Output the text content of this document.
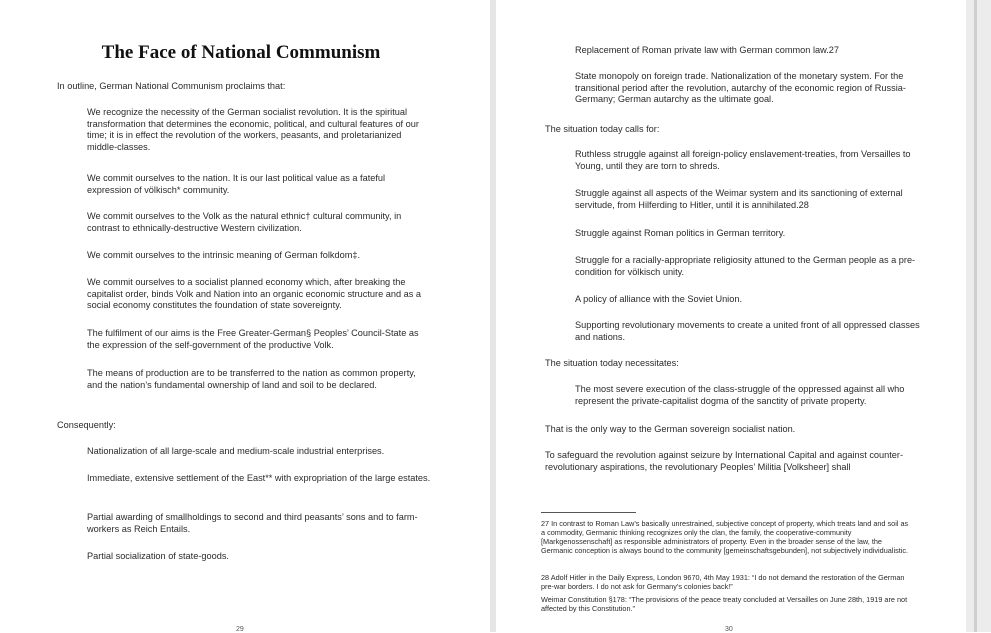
The Face of National Communism

In outline, German National Communism proclaims that:

We recognize the necessity of the German socialist revolution. It is the spiritual transformation that determines the economic, political, and cultural features of our time; it is in effect the revolution of the workers, peasants, and proletarianized middle-classes.

We commit ourselves to the nation. It is our last political value as a fateful expression of völkisch* community.

We commit ourselves to the Volk as the natural ethnic† cultural community, in contrast to ethnically-destructive Western civilization.

We commit ourselves to the intrinsic meaning of German folkdom‡.

We commit ourselves to a socialist planned economy which, after breaking the capitalist order, binds Volk and Nation into an organic economic structure and as a social economy constitutes the foundation of state sovereignty.

The fulfilment of our aims is the Free Greater-German§ Peoples’ Council-State as the expression of the self-government of the productive Volk.

The means of production are to be transferred to the nation as common property, and the nation’s fundamental ownership of land and soil to be declared.

Consequently:

Nationalization of all large-scale and medium-scale industrial enterprises.

Immediate, extensive settlement of the East** with expropriation of the large estates.

Partial awarding of smallholdings to second and third peasants’ sons and to farm-workers as Reich Entails.

Partial socialization of state-goods.

29

Replacement of Roman private law with German common law.27

State monopoly on foreign trade. Nationalization of the monetary system. For the transitional period after the revolution, autarchy of the economic region of Russia-Germany; German autarchy as the ultimate goal.

The situation today calls for:

Ruthless struggle against all foreign-policy enslavement-treaties, from Versailles to Young, until they are torn to shreds.

Struggle against all aspects of the Weimar system and its sanctioning of external servitude, from Hilferding to Hitler, until it is annihilated.28

Struggle against Roman politics in German territory.

Struggle for a racially-appropriate religiosity attuned to the German people as a pre-condition for völkisch unity.

A policy of alliance with the Soviet Union.

Supporting revolutionary movements to create a united front of all oppressed classes and nations.

The situation today necessitates:

The most severe execution of the class-struggle of the oppressed against all who represent the private-capitalist dogma of the sanctity of private property.

That is the only way to the German sovereign socialist nation.

To safeguard the revolution against seizure by International Capital and against counter-revolutionary aspirations, the revolutionary Peoples’ Militia [Volksheer] shall

27 In contrast to Roman Law’s basically unrestrained, subjective concept of property, which treats land and soil as a commodity, Germanic thinking recognizes only the clan, the family, the cooperative-community [Markgenossenschaft] as responsible administrators of property. Even in the broader sense of the law, the Germanic conception is always bound to the community [gemeinschaftsgebunden], not subjectively individualistic.

28 Adolf Hitler in the Daily Express, London 9670, 4th May 1931: “I do not demand the restoration of the German pre-war borders. I do not ask for Germany’s colonies back!”

Weimar Constitution §178: “The provisions of the peace treaty concluded at Versailles on June 28th, 1919 are not affected by this Constitution.”

30
